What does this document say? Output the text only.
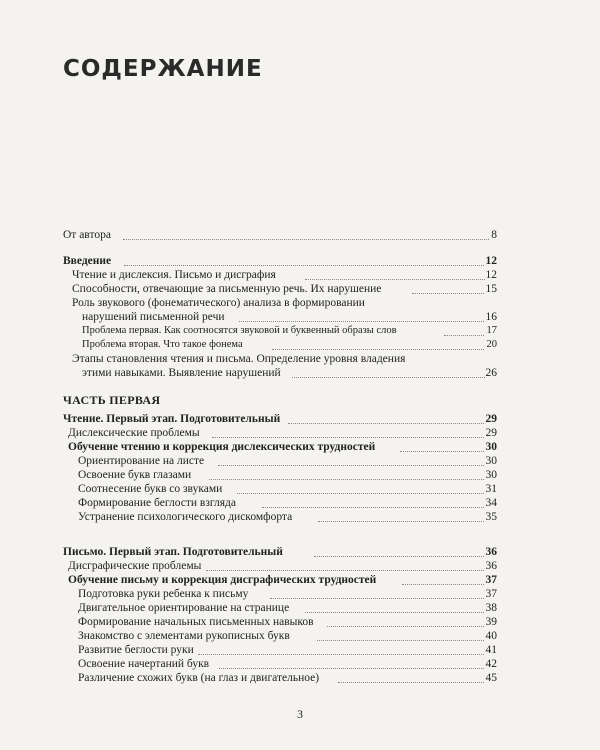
СОДЕРЖАНИЕ
От автора	8
Введение	12
Чтение и дислексия. Письмо и дисграфия	12
Способности, отвечающие за письменную речь. Их нарушение	15
Роль звукового (фонематического) анализа в формировании
нарушений письменной речи	16
Проблема первая. Как соотносятся звуковой и буквенный образы слов	17
Проблема вторая. Что такое фонема	20
Этапы становления чтения и письма. Определение уровня владения
этими навыками. Выявление нарушений	26
ЧАСТЬ ПЕРВАЯ
Чтение. Первый этап. Подготовительный	29
Дислексические проблемы	29
Обучение чтению и коррекция дислексических трудностей	30
Ориентирование на листе	30
Освоение букв глазами	30
Соотнесение букв со звуками	31
Формирование беглости взгляда	34
Устранение психологического дискомфорта	35
Письмо. Первый этап. Подготовительный	36
Дисграфические проблемы	36
Обучение письму и коррекция дисграфических трудностей	37
Подготовка руки ребенка к письму	37
Двигательное ориентирование на странице	38
Формирование начальных письменных навыков	39
Знакомство с элементами рукописных букв	40
Развитие беглости руки	41
Освоение начертаний букв	42
Различение схожих букв (на глаз и двигательное)	45
3
